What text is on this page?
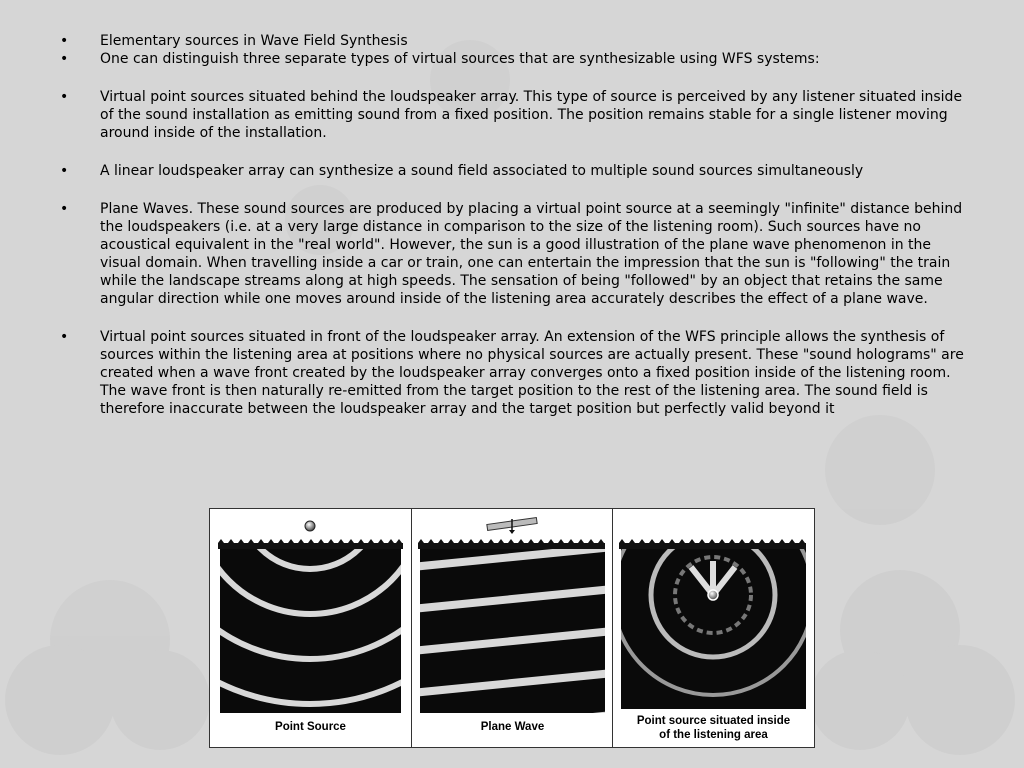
• Elementary sources in Wave Field Synthesis
• One can distinguish three separate types of virtual sources that are synthesizable using WFS systems:
• Virtual point sources situated behind the loudspeaker array. This type of source is perceived by any listener situated inside of the sound installation as emitting sound from a fixed position. The position remains stable for a single listener moving around inside of the installation.
• A linear loudspeaker array can synthesize a sound field associated to multiple sound sources simultaneously
• Plane Waves. These sound sources are produced by placing a virtual point source at a seemingly "infinite" distance behind the loudspeakers (i.e. at a very large distance in comparison to the size of the listening room). Such sources have no acoustical equivalent in the "real world". However, the sun is a good illustration of the plane wave phenomenon in the visual domain. When travelling inside a car or train, one can entertain the impression that the sun is "following" the train while the landscape streams along at high speeds. The sensation of being "followed" by an object that retains the same angular direction while one moves around inside of the listening area accurately describes the effect of a plane wave.
• Virtual point sources situated in front of the loudspeaker array. An extension of the WFS principle allows the synthesis of sources within the listening area at positions where no physical sources are actually present. These "sound holograms" are created when a wave front created by the loudspeaker array converges onto a fixed position inside of the listening room. The wave front is then naturally re-emitted from the target position to the rest of the listening area. The sound field is therefore inaccurate between the loudspeaker array and the target position but perfectly valid beyond it
Point Source	Plane Wave	Point source situated inside
of the listening area
